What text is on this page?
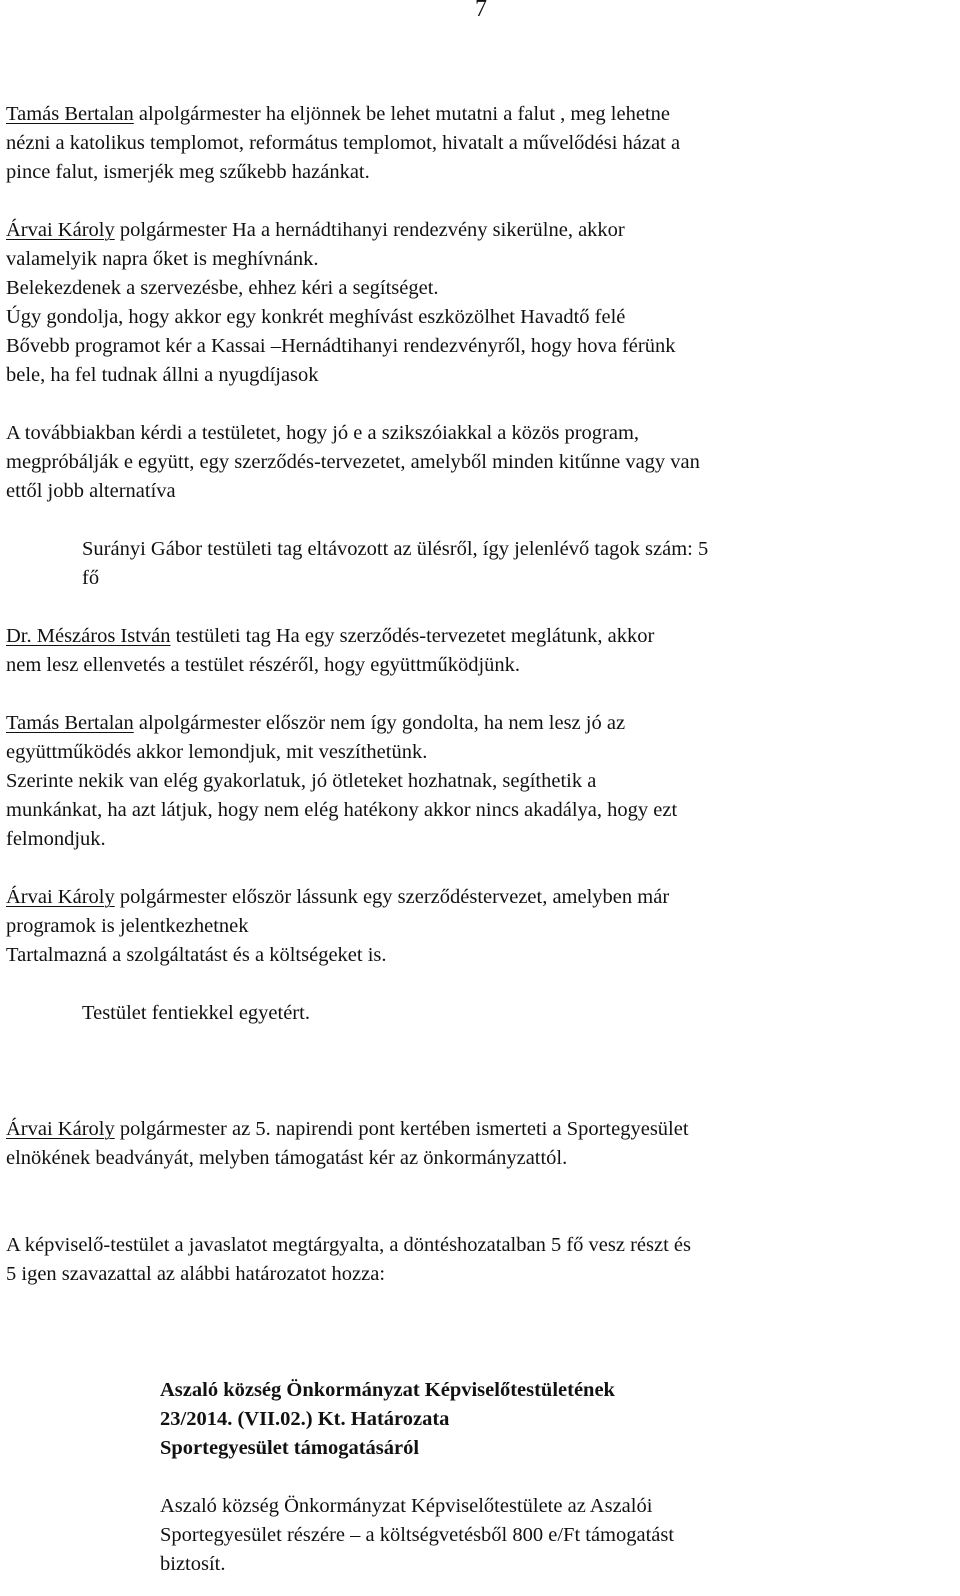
7
Tamás Bertalan alpolgármester ha eljönnek be lehet mutatni a falut , meg lehetne
nézni a katolikus templomot, református templomot, hivatalt a művelődési házat a
pince falut, ismerjék meg szűkebb hazánkat.
Árvai Károly polgármester Ha a hernádtihanyi rendezvény sikerülne, akkor
valamelyik napra őket is meghívnánk.
Belekezdenek a szervezésbe, ehhez kéri a segítséget.
Úgy gondolja, hogy akkor egy konkrét meghívást eszközölhet Havadtő felé
Bővebb programot kér a Kassai –Hernádtihanyi rendezvényről, hogy hova férünk
bele, ha fel tudnak állni a nyugdíjasok
A továbbiakban kérdi a testületet, hogy jó e a szikszóiakkal a közös program,
megpróbálják e együtt, egy szerződés-tervezetet, amelyből minden kitűnne vagy van
ettől jobb alternatíva
Surányi Gábor testületi tag eltávozott az ülésről, így jelenlévő tagok szám: 5
fő
Dr. Mészáros István testületi tag Ha egy szerződés-tervezetet meglátunk, akkor
nem lesz ellenvetés a testület részéről, hogy együttműködjünk.
Tamás Bertalan alpolgármester először nem így gondolta, ha nem lesz jó az
együttműködés akkor lemondjuk, mit veszíthetünk.
Szerinte nekik van elég gyakorlatuk, jó ötleteket hozhatnak, segíthetik a
munkánkat, ha azt látjuk, hogy nem elég hatékony akkor nincs akadálya, hogy ezt
felmondjuk.
Árvai Károly polgármester először lássunk egy szerződéstervezet, amelyben már
programok is jelentkezhetnek
Tartalmazná a szolgáltatást és a költségeket is.
Testület fentiekkel egyetért.
Árvai Károly polgármester az 5. napirendi pont kertében ismerteti a Sportegyesület
elnökének beadványát, melyben támogatást kér az önkormányzattól.
A képviselő-testület a javaslatot megtárgyalta, a döntéshozatalban 5 fő vesz részt és
5 igen szavazattal az alábbi határozatot hozza:
Aszaló község Önkormányzat Képviselőtestületének
23/2014. (VII.02.) Kt. Határozata
Sportegyesület támogatásáról
Aszaló község Önkormányzat Képviselőtestülete az Aszalói
Sportegyesület részére – a költségvetésből 800 e/Ft támogatást
biztosít.
